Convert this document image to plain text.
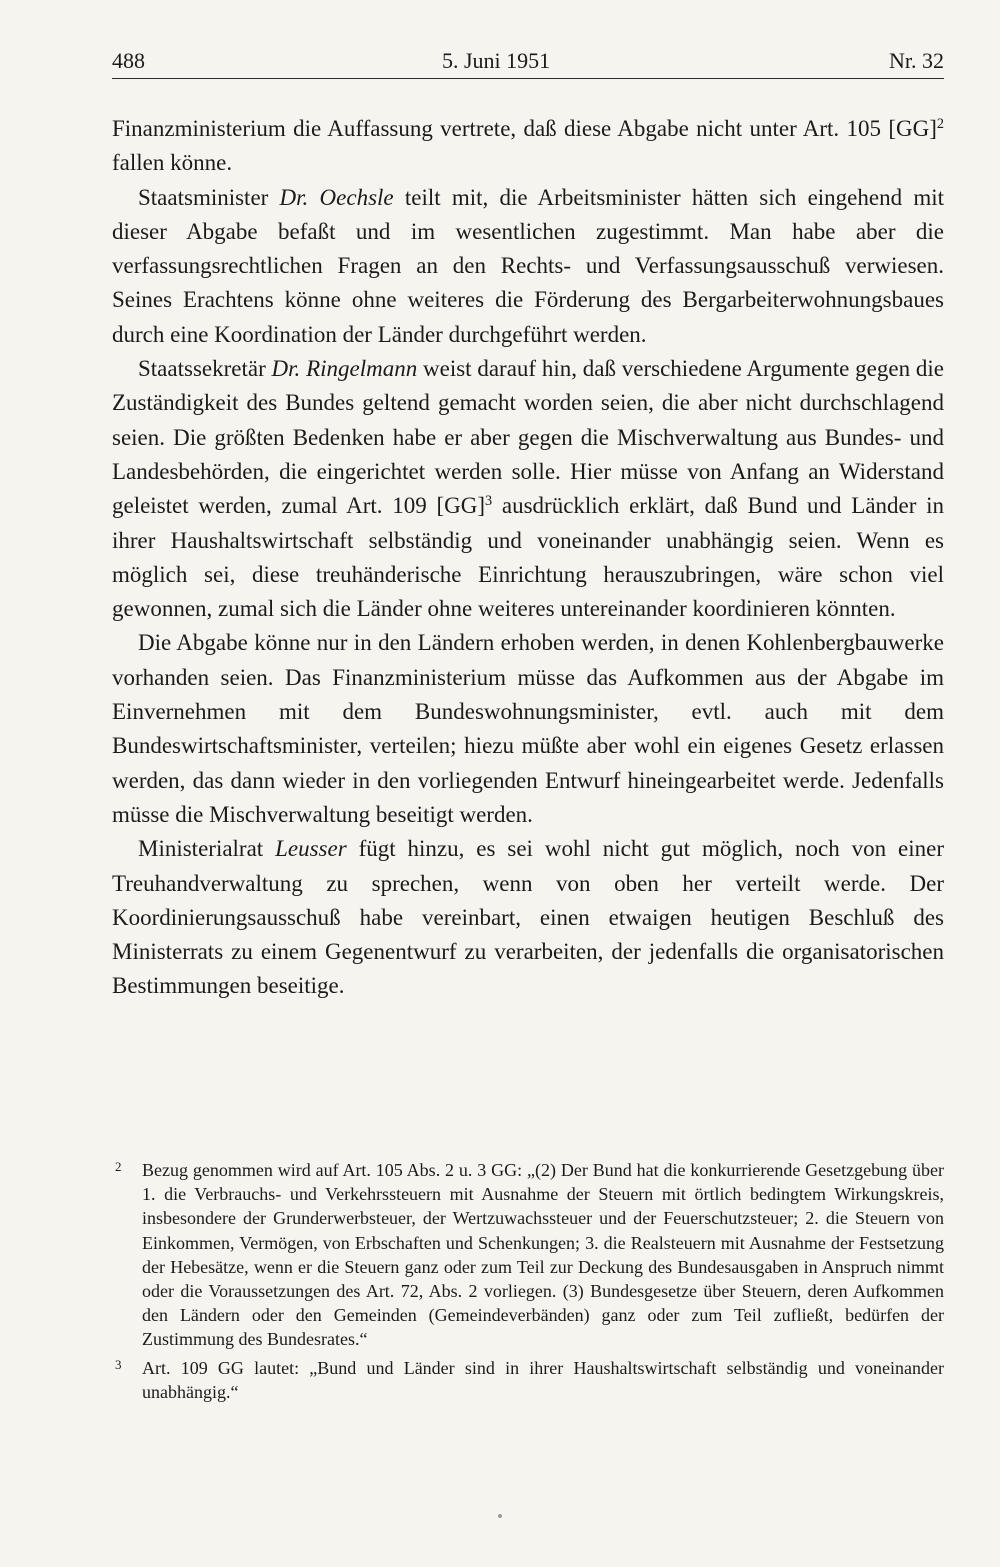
488	5. Juni 1951	Nr. 32

Finanzministerium die Auffassung vertrete, daß diese Abgabe nicht unter Art. 105 [GG]$^2$ fallen könne.

Staatsminister Dr. Oechsle teilt mit, die Arbeitsminister hätten sich eingehend mit dieser Abgabe befaßt und im wesentlichen zugestimmt. Man habe aber die verfassungsrechtlichen Fragen an den Rechts- und Verfassungsausschuß verwiesen. Seines Erachtens könne ohne weiteres die Förderung des Bergarbeiterwohnungsbaues durch eine Koordination der Länder durchgeführt werden.

Staatssekretär Dr. Ringelmann weist darauf hin, daß verschiedene Argumente gegen die Zuständigkeit des Bundes geltend gemacht worden seien, die aber nicht durchschlagend seien. Die größten Bedenken habe er aber gegen die Mischverwaltung aus Bundes- und Landesbehörden, die eingerichtet werden solle. Hier müsse von Anfang an Widerstand geleistet werden, zumal Art. 109 [GG]$^3$ ausdrücklich erklärt, daß Bund und Länder in ihrer Haushaltswirtschaft selbständig und voneinander unabhängig seien. Wenn es möglich sei, diese treuhänderische Einrichtung herauszubringen, wäre schon viel gewonnen, zumal sich die Länder ohne weiteres untereinander koordinieren könnten.

Die Abgabe könne nur in den Ländern erhoben werden, in denen Kohlenbergbauwerke vorhanden seien. Das Finanzministerium müsse das Aufkommen aus der Abgabe im Einvernehmen mit dem Bundeswohnungsminister, evtl. auch mit dem Bundeswirtschaftsminister, verteilen; hiezu müßte aber wohl ein eigenes Gesetz erlassen werden, das dann wieder in den vorliegenden Entwurf hineingearbeitet werde. Jedenfalls müsse die Mischverwaltung beseitigt werden.

Ministerialrat Leusser fügt hinzu, es sei wohl nicht gut möglich, noch von einer Treuhandverwaltung zu sprechen, wenn von oben her verteilt werde. Der Koordinierungsausschuß habe vereinbart, einen etwaigen heutigen Beschluß des Ministerrats zu einem Gegenentwurf zu verarbeiten, der jedenfalls die organisatorischen Bestimmungen beseitige.

2 Bezug genommen wird auf Art. 105 Abs. 2 u. 3 GG: „(2) Der Bund hat die konkurrierende Gesetzgebung über 1. die Verbrauchs- und Verkehrssteuern mit Ausnahme der Steuern mit örtlich bedingtem Wirkungskreis, insbesondere der Grunderwerbsteuer, der Wertzuwachssteuer und der Feuerschutzsteuer; 2. die Steuern von Einkommen, Vermögen, von Erbschaften und Schenkungen; 3. die Realsteuern mit Ausnahme der Festsetzung der Hebesätze, wenn er die Steuern ganz oder zum Teil zur Deckung des Bundesausgaben in Anspruch nimmt oder die Voraussetzungen des Art. 72, Abs. 2 vorliegen. (3) Bundesgesetze über Steuern, deren Aufkommen den Ländern oder den Gemeinden (Gemeindeverbänden) ganz oder zum Teil zufließt, bedürfen der Zustimmung des Bundesrates.“
3 Art. 109 GG lautet: „Bund und Länder sind in ihrer Haushaltswirtschaft selbständig und voneinander unabhängig.“
